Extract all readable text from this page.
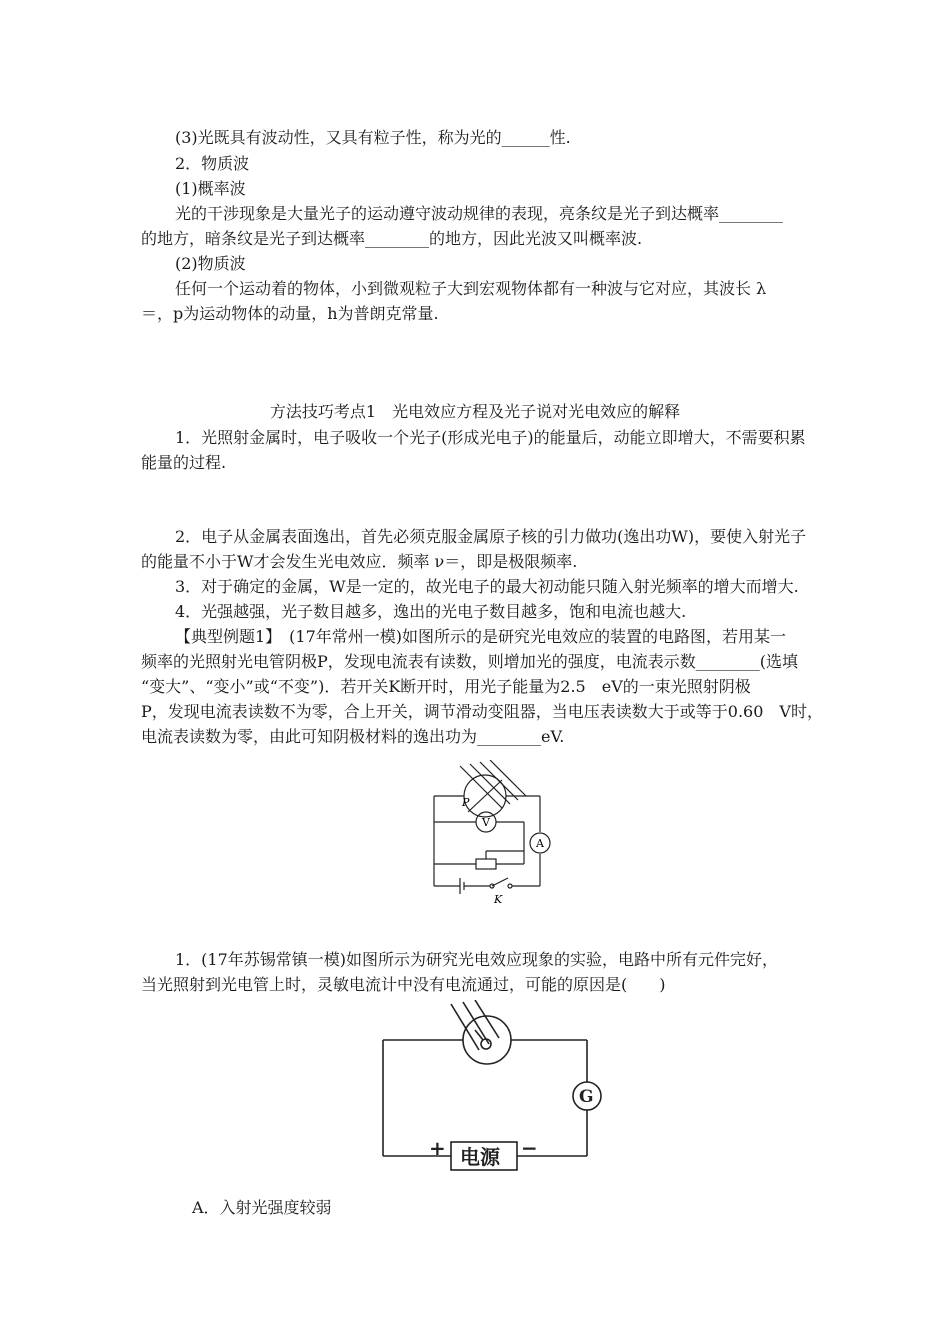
(3)光既具有波动性，又具有粒子性，称为光的______性.
2．物质波
(1)概率波
光的干涉现象是大量光子的运动遵守波动规律的表现，亮条纹是光子到达概率________
的地方，暗条纹是光子到达概率________的地方，因此光波又叫概率波.
(2)物质波
任何一个运动着的物体，小到微观粒子大到宏观物体都有一种波与它对应，其波长 λ
＝，p为运动物体的动量，h为普朗克常量.
方法技巧考点1　光电效应方程及光子说对光电效应的解释
1．光照射金属时，电子吸收一个光子(形成光电子)的能量后，动能立即增大，不需要积累
能量的过程.
2．电子从金属表面逸出，首先必须克服金属原子核的引力做功(逸出功W)，要使入射光子
的能量不小于W才会发生光电效应．频率 ν＝，即是极限频率.
3．对于确定的金属，W是一定的，故光电子的最大初动能只随入射光频率的增大而增大.
4．光强越强，光子数目越多，逸出的光电子数目越多，饱和电流也越大.
【典型例题1】　(17年常州一模)如图所示的是研究光电效应的装置的电路图，若用某一
频率的光照射光电管阴极P，发现电流表有读数，则增加光的强度，电流表示数________(选填
“变大”、“变小”或“不变”)．若开关K断开时，用光子能量为2.5　eV的一束光照射阴极
P，发现电流表读数不为零，合上开关，调节滑动变阻器，当电压表读数大于或等于0.60　V时，
电流表读数为零，由此可知阴极材料的逸出功为________eV.
P
V
A
K
1．(17年苏锡常镇一模)如图所示为研究光电效应现象的实验，电路中所有元件完好，
当光照射到光电管上时，灵敏电流计中没有电流通过，可能的原因是(　　)
G
+	−
电源
A．入射光强度较弱
